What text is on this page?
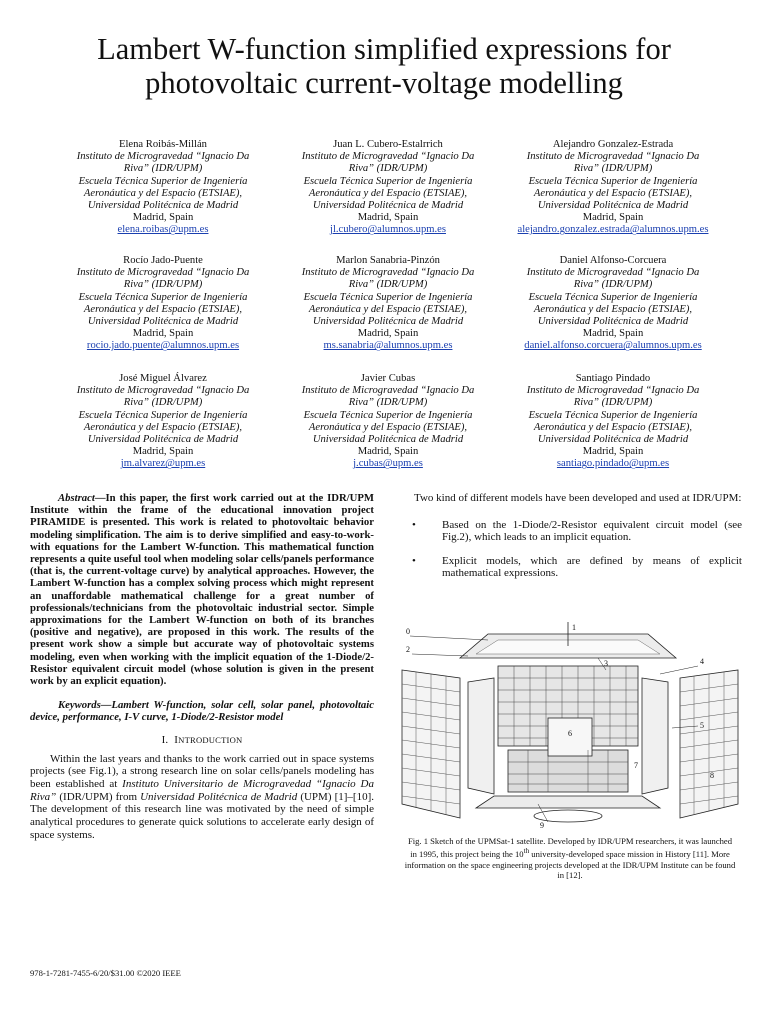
Lambert W-function simplified expressions for
photovoltaic current-voltage modelling
Elena Roibás-Millán
Instituto de Microgravedad “Ignacio Da
Riva” (IDR/UPM)
Escuela Técnica Superior de Ingeniería
Aeronáutica y del Espacio (ETSIAE),
Universidad Politécnica de Madrid
Madrid, Spain
elena.roibas@upm.es
Juan L. Cubero-Estalrrich
Instituto de Microgravedad “Ignacio Da
Riva” (IDR/UPM)
Escuela Técnica Superior de Ingeniería
Aeronáutica y del Espacio (ETSIAE),
Universidad Politécnica de Madrid
Madrid, Spain
jl.cubero@alumnos.upm.es
Alejandro Gonzalez-Estrada
Instituto de Microgravedad “Ignacio Da
Riva” (IDR/UPM)
Escuela Técnica Superior de Ingeniería
Aeronáutica y del Espacio (ETSIAE),
Universidad Politécnica de Madrid
Madrid, Spain
alejandro.gonzalez.estrada@alumnos.upm.es
Rocío Jado-Puente
Instituto de Microgravedad “Ignacio Da
Riva” (IDR/UPM)
Escuela Técnica Superior de Ingeniería
Aeronáutica y del Espacio (ETSIAE),
Universidad Politécnica de Madrid
Madrid, Spain
rocio.jado.puente@alumnos.upm.es
Marlon Sanabria-Pinzón
Instituto de Microgravedad “Ignacio Da
Riva” (IDR/UPM)
Escuela Técnica Superior de Ingeniería
Aeronáutica y del Espacio (ETSIAE),
Universidad Politécnica de Madrid
Madrid, Spain
ms.sanabria@alumnos.upm.es
Daniel Alfonso-Corcuera
Instituto de Microgravedad “Ignacio Da
Riva” (IDR/UPM)
Escuela Técnica Superior de Ingeniería
Aeronáutica y del Espacio (ETSIAE),
Universidad Politécnica de Madrid
Madrid, Spain
daniel.alfonso.corcuera@alumnos.upm.es
José Miguel Álvarez
Instituto de Microgravedad “Ignacio Da
Riva” (IDR/UPM)
Escuela Técnica Superior de Ingeniería
Aeronáutica y del Espacio (ETSIAE),
Universidad Politécnica de Madrid
Madrid, Spain
jm.alvarez@upm.es
Javier Cubas
Instituto de Microgravedad “Ignacio Da
Riva” (IDR/UPM)
Escuela Técnica Superior de Ingeniería
Aeronáutica y del Espacio (ETSIAE),
Universidad Politécnica de Madrid
Madrid, Spain
j.cubas@upm.es
Santiago Pindado
Instituto de Microgravedad “Ignacio Da
Riva” (IDR/UPM)
Escuela Técnica Superior de Ingeniería
Aeronáutica y del Espacio (ETSIAE),
Universidad Politécnica de Madrid
Madrid, Spain
santiago.pindado@upm.es

Abstract—In this paper, the first work carried out at the IDR/UPM Institute within the frame of the educational innovation project PIRAMIDE is presented. This work is related to photovoltaic behavior modeling simplification. The aim is to derive simplified and easy-to-work-with equations for the Lambert W-function. This mathematical function represents a quite useful tool when modeling solar cells/panels performance (that is, the current-voltage curve) by analytical approaches. However, the Lambert W-function has a complex solving process which might represent an unaffordable mathematical challenge for a great number of professionals/technicians from the photovoltaic industrial sector. Simple approximations for the Lambert W-function on both of its branches (positive and negative), are proposed in this work. The results of the present work show a simple but accurate way of photovoltaic systems modeling, even when working with the implicit equation of the 1-Diode/2-Resistor equivalent circuit model (whose solution is given in the present work by an explicit equation).

Keywords—Lambert W-function, solar cell, solar panel, photovoltaic device, performance, I-V curve, 1-Diode/2-Resistor model

I. INTRODUCTION

Within the last years and thanks to the work carried out in space systems projects (see Fig.1), a strong research line on solar cells/panels modeling has been established at Instituto Universitario de Microgravedad “Ignacio Da Riva” (IDR/UPM) from Universidad Politécnica de Madrid (UPM) [1]–[10]. The development of this research line was motivated by the need of simple analytical procedures to generate quick solutions to accelerate early design of space systems.

Two kind of different models have been developed and used at IDR/UPM:

• Based on the 1-Diode/2-Resistor equivalent circuit model (see Fig.2), which leads to an implicit equation.
• Explicit models, which are defined by means of explicit mathematical expressions.
0	1
2
3	4
5
6
7
8
9
Fig. 1 Sketch of the UPMSat-1 satellite. Developed by IDR/UPM researchers, it was launched in 1995, this project being the 10th university-developed space mission in History [11]. More information on the space engineering projects developed at the IDR/UPM Institute can be found in [12].
978-1-7281-7455-6/20/$31.00 ©2020 IEEE
